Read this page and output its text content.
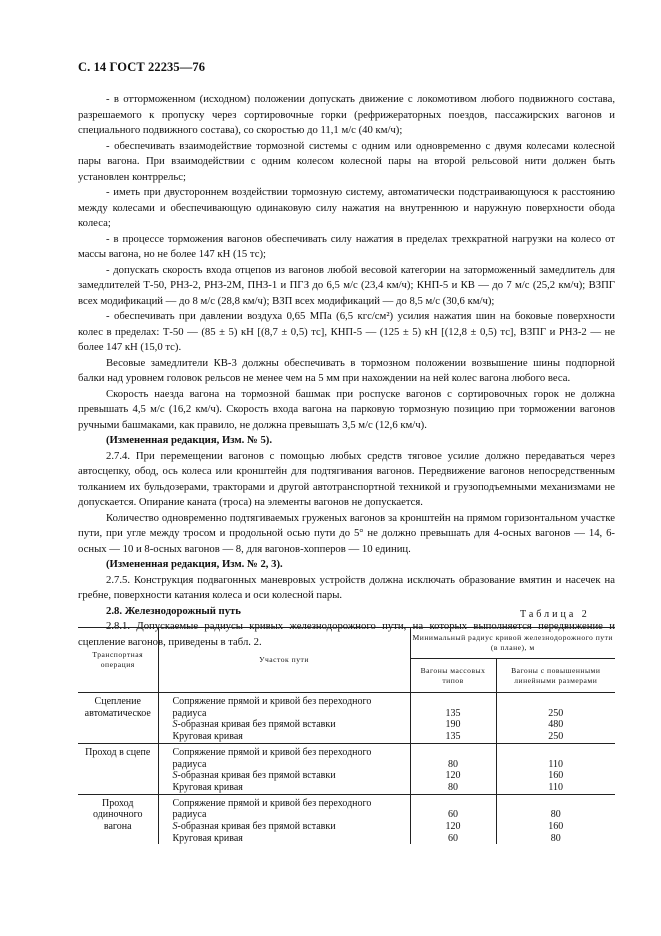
С. 14 ГОСТ 22235—76

- в отторможенном (исходном) положении допускать движение с локомотивом любого подвижного состава, разрешаемого к пропуску через сортировочные горки (рефрижераторных поездов, пассажирских вагонов и специального подвижного состава), со скоростью до 11,1 м/с (40 км/ч);

- обеспечивать взаимодействие тормозной системы с одним или одновременно с двумя колесами колесной пары вагона. При взаимодействии с одним колесом колесной пары на второй рельсовой нити должен быть установлен контррельс;

- иметь при двустороннем воздействии тормозную систему, автоматически подстраивающуюся к расстоянию между колесами и обеспечивающую одинаковую силу нажатия на внутреннюю и наружную поверхности обода колеса;

- в процессе торможения вагонов обеспечивать силу нажатия в пределах трехкратной нагрузки на колесо от массы вагона, но не более 147 кН (15 тс);

- допускать скорость входа отцепов из вагонов любой весовой категории на заторможенный замедлитель для замедлителей Т-50, РНЗ-2, РНЗ-2М, ПНЗ-1 и ПГЗ до 6,5 м/с (23,4 км/ч); КНП-5 и КВ — до 7 м/с (25,2 км/ч); ВЗПГ всех модификаций — до 8 м/с (28,8 км/ч); ВЗП всех модификаций — до 8,5 м/с (30,6 км/ч);

- обеспечивать при давлении воздуха 0,65 МПа (6,5 кгс/см²) усилия нажатия шин на боковые поверхности колес в пределах: Т-50 — (85 ± 5) кН [(8,7 ± 0,5) тс], КНП-5 — (125 ± 5) кН [(12,8 ± 0,5) тс], ВЗПГ и РНЗ-2 — не более 147 кН (15,0 тс).

Весовые замедлители КВ-3 должны обеспечивать в тормозном положении возвышение шины подпорной балки над уровнем головок рельсов не менее чем на 5 мм при нахождении на ней колес вагона любого веса.

Скорость наезда вагона на тормозной башмак при роспуске вагонов с сортировочных горок не должна превышать 4,5 м/с (16,2 км/ч). Скорость входа вагона на парковую тормозную позицию при торможении вагонов ручными башмаками, как правило, не должна превышать 3,5 м/с (12,6 км/ч).

(Измененная редакция, Изм. № 5).

2.7.4. При перемещении вагонов с помощью любых средств тяговое усилие должно передаваться через автосцепку, обод, ось колеса или кронштейн для подтягивания вагонов. Передвижение вагонов непосредственным толканием их бульдозерами, тракторами и другой автотранспортной техникой и грузоподъемными механизмами не допускается. Опирание каната (троса) на элементы вагонов не допускается.

Количество одновременно подтягиваемых груженых вагонов за кронштейн на прямом горизонтальном участке пути, при угле между тросом и продольной осью пути до 5° не должно превышать для 4-осных вагонов — 14, 6-осных — 10 и 8-осных вагонов — 8, для вагонов-хопперов — 10 единиц.

(Измененная редакция, Изм. № 2, 3).

2.7.5. Конструкция подвагонных маневровых устройств должна исключать образование вмятин и насечек на гребне, поверхности катания колеса и оси колесной пары.

2.8. Железнодорожный путь

2.8.1. Допускаемые радиусы кривых железнодорожного пути, на которых выполняется передвижение и сцепление вагонов, приведены в табл. 2.

Таблица 2
Транспортная операция	Участок пути	Минимальный радиус кривой железнодорожного пути (в плане), м	
		Вагоны массовых типов	Вагоны с повышенными линейными размерами
Сцепление автоматическое	Сопряжение прямой и кривой без переходного радиуса	135	250
	S-образная кривая без прямой вставки	190	480
	Круговая кривая	135	250
Проход в сцепе	Сопряжение прямой и кривой без переходного радиуса	80	110
	S-образная кривая без прямой вставки	120	160
	Круговая кривая	80	110
Проход одиночного вагона	Сопряжение прямой и кривой без переходного радиуса	60	80
	S-образная кривая без прямой вставки	120	160
	Круговая кривая	60	80
